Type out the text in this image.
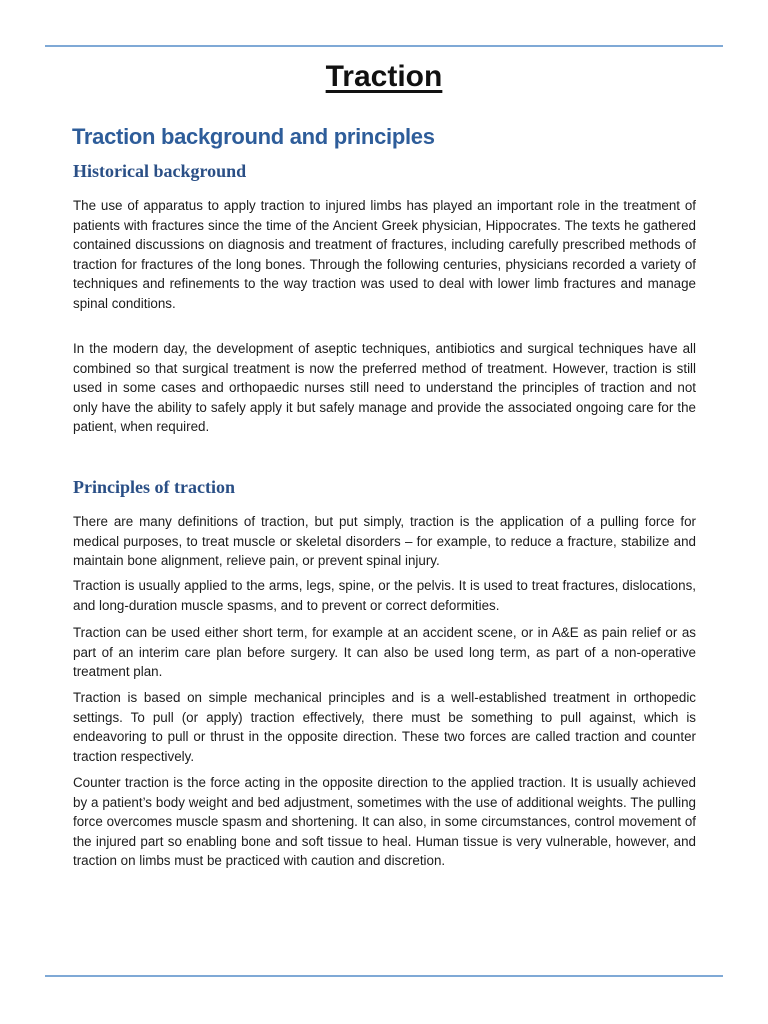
Traction
Traction background and principles
Historical background

The use of apparatus to apply traction to injured limbs has played an important role in the treatment of patients with fractures since the time of the Ancient Greek physician, Hippocrates. The texts he gathered contained discussions on diagnosis and treatment of fractures, including carefully prescribed methods of traction for fractures of the long bones. Through the following centuries, physicians recorded a variety of techniques and refinements to the way traction was used to deal with lower limb fractures and manage spinal conditions.

In the modern day, the development of aseptic techniques, antibiotics and surgical techniques have all combined so that surgical treatment is now the preferred method of treatment. However, traction is still used in some cases and orthopaedic nurses still need to understand the principles of traction and not only have the ability to safely apply it but safely manage and provide the associated ongoing care for the patient, when required.

Principles of traction

There are many definitions of traction, but put simply, traction is the application of a pulling force for medical purposes, to treat muscle or skeletal disorders – for example, to reduce a fracture, stabilize and maintain bone alignment, relieve pain, or prevent spinal injury.

Traction is usually applied to the arms, legs, spine, or the pelvis. It is used to treat fractures, dislocations, and long-duration muscle spasms, and to prevent or correct deformities.

Traction can be used either short term, for example at an accident scene, or in A&E as pain relief or as part of an interim care plan before surgery. It can also be used long term, as part of a non-operative treatment plan.

Traction is based on simple mechanical principles and is a well-established treatment in orthopedic settings. To pull (or apply) traction effectively, there must be something to pull against, which is endeavoring to pull or thrust in the opposite direction. These two forces are called traction and counter traction respectively.

Counter traction is the force acting in the opposite direction to the applied traction. It is usually achieved by a patient’s body weight and bed adjustment, sometimes with the use of additional weights. The pulling force overcomes muscle spasm and shortening. It can also, in some circumstances, control movement of the injured part so enabling bone and soft tissue to heal. Human tissue is very vulnerable, however, and traction on limbs must be practiced with caution and discretion.
